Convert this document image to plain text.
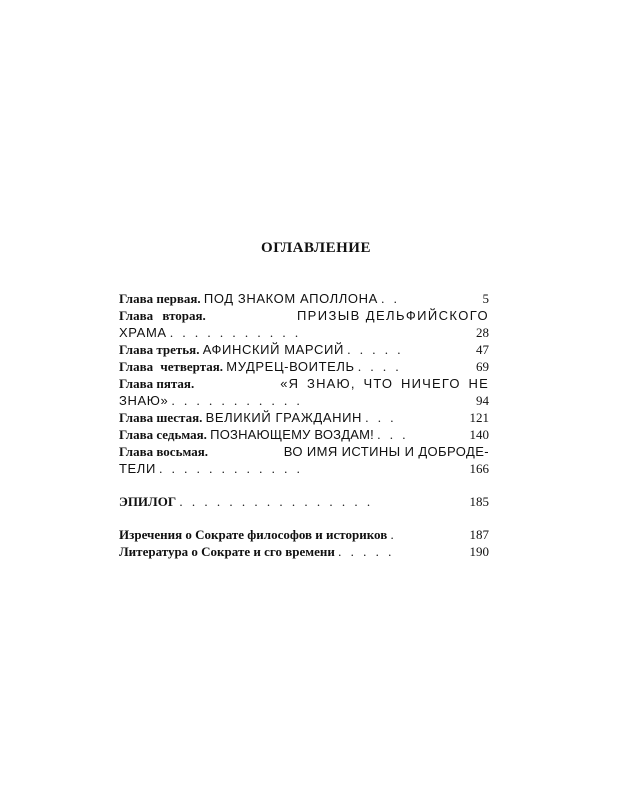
ОГЛАВЛЕНИЕ
Глава первая. ПОД ЗНАКОМ АПОЛЛОНА . .	5
Глава вторая.	ПРИЗЫВ ДЕЛЬФИЙСКОГО
ХРАМА . . . . . . . . . . .	28
Глава третья. АФИНСКИЙ МАРСИЙ . . . . .	47
Глава четвертая. МУДРЕЦ-ВОИТЕЛЬ . . . .	69
Глава пятая.	«Я ЗНАЮ, ЧТО НИЧЕГО НЕ
ЗНАЮ» . . . . . . . . . . .	94
Глава шестая. ВЕЛИКИЙ ГРАЖДАНИН . . .	121
Глава седьмая. ПОЗНАЮЩЕМУ ВОЗДАМ! . . .	140
Глава восьмая.	ВО ИМЯ ИСТИНЫ И ДОБРОДЕ-
ТЕЛИ . . . . . . . . . . . .	166
ЭПИЛОГ . . . . . . . . . . . . . . . .	185
Изречения о Сократе философов и историков .	187
Литература о Сократе и сго времени . . . . .	190
